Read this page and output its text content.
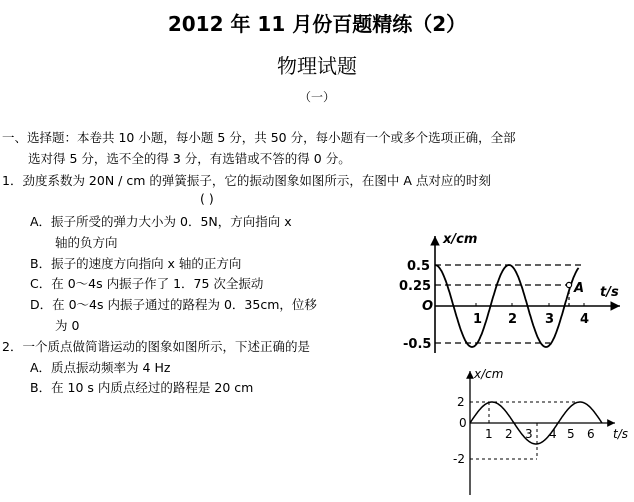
2012 年 11 月份百题精练（2）
物理试题
（一）
一、选择题：本卷共 10 小题，每小题 5 分，共 50 分，每小题有一个或多个选项正确，全部
选对得 5 分，选不全的得 3 分，有选错或不答的得 0 分。
1．劲度系数为 20N / cm 的弹簧振子，它的振动图象如图所示，在图中 A 点对应的时刻
( )
A．振子所受的弹力大小为 0．5N，方向指向 x
轴的负方向
B．振子的速度方向指向 x 轴的正方向
C．在 0～4s 内振子作了 1．75 次全振动
D．在 0～4s 内振子通过的路程为 0．35cm，位移
为 0
2．一个质点做简谐运动的图象如图所示，下述正确的是
A．质点振动频率为 4 Hz
B．在 10 s 内质点经过的路程是 20 cm
x/cm
t/s
O
A
0.5
0.25
-0.5
1 2 3 4
x/cm
t/s
0
2
-2
1 2 3 4 5 6
